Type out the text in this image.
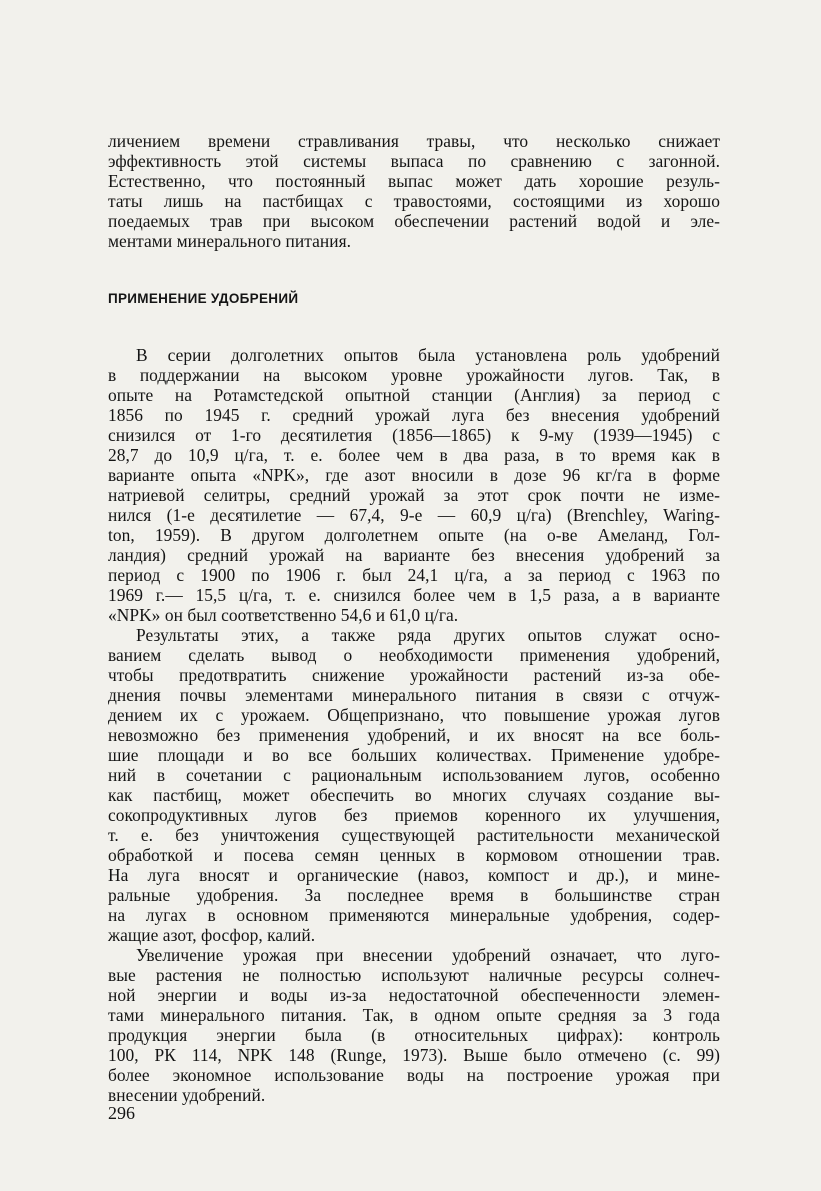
личением времени стравливания травы, что несколько снижает
эффективность этой системы выпаса по сравнению с загонной.
Естественно, что постоянный выпас может дать хорошие резуль-
таты лишь на пастбищах с травостоями, состоящими из хорошо
поедаемых трав при высоком обеспечении растений водой и эле-
ментами минерального питания.
ПРИМЕНЕНИЕ УДОБРЕНИЙ
В серии долголетних опытов была установлена роль удобрений
в поддержании на высоком уровне урожайности лугов. Так, в
опыте на Ротамстедской опытной станции (Англия) за период с
1856 по 1945 г. средний урожай луга без внесения удобрений
снизился от 1-го десятилетия (1856—1865) к 9-му (1939—1945) с
28,7 до 10,9 ц/га, т. е. более чем в два раза, в то время как в
варианте опыта «NPK», где азот вносили в дозе 96 кг/га в форме
натриевой селитры, средний урожай за этот срок почти не изме-
нился (1-е десятилетие — 67,4, 9-е — 60,9 ц/га) (Brenchley, Waring-
ton, 1959). В другом долголетнем опыте (на о-ве Амеланд, Гол-
ландия) средний урожай на варианте без внесения удобрений за
период с 1900 по 1906 г. был 24,1 ц/га, а за период с 1963 по
1969 г.— 15,5 ц/га, т. е. снизился более чем в 1,5 раза, а в варианте
«NPK» он был соответственно 54,6 и 61,0 ц/га.
Результаты этих, а также ряда других опытов служат осно-
ванием сделать вывод о необходимости применения удобрений,
чтобы предотвратить снижение урожайности растений из-за обе-
днения почвы элементами минерального питания в связи с отчуж-
дением их с урожаем. Общепризнано, что повышение урожая лугов
невозможно без применения удобрений, и их вносят на все боль-
шие площади и во все больших количествах. Применение удобре-
ний в сочетании с рациональным использованием лугов, особенно
как пастбищ, может обеспечить во многих случаях создание вы-
сокопродуктивных лугов без приемов коренного их улучшения,
т. е. без уничтожения существующей растительности механической
обработкой и посева семян ценных в кормовом отношении трав.
На луга вносят и органические (навоз, компост и др.), и мине-
ральные удобрения. За последнее время в большинстве стран
на лугах в основном применяются минеральные удобрения, содер-
жащие азот, фосфор, калий.
Увеличение урожая при внесении удобрений означает, что луго-
вые растения не полностью используют наличные ресурсы солнеч-
ной энергии и воды из-за недостаточной обеспеченности элемен-
тами минерального питания. Так, в одном опыте средняя за 3 года
продукция энергии была (в относительных цифрах): контроль
100, РК 114, NPK 148 (Runge, 1973). Выше было отмечено (с. 99)
более экономное использование воды на построение урожая при
внесении удобрений.
296
